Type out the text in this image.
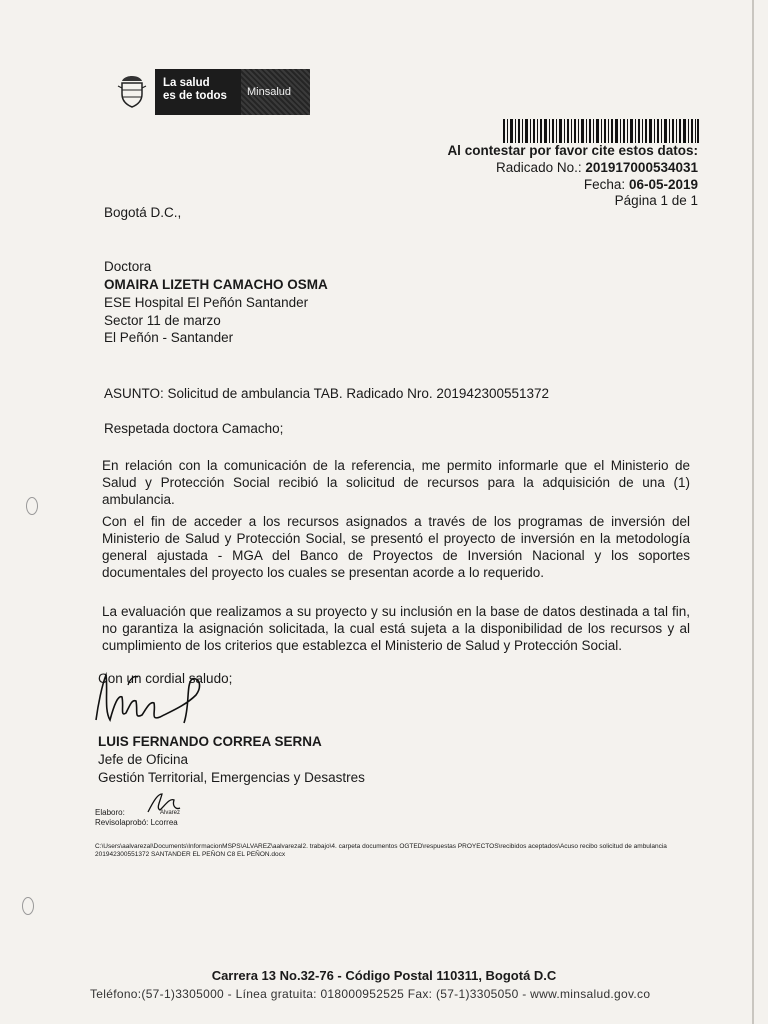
La salud
es de todos	Minsalud
Al contestar por favor cite estos datos:
Radicado No.: 201917000534031
Fecha: 06-05-2019
Página 1 de 1
Bogotá D.C.,
Doctora
OMAIRA LIZETH CAMACHO OSMA
ESE Hospital El Peñón Santander
Sector 11 de marzo
El Peñón - Santander
ASUNTO: Solicitud de ambulancia TAB. Radicado Nro. 201942300551372
Respetada doctora Camacho;
En relación con la comunicación de la referencia, me permito informarle que el Ministerio de Salud y Protección Social recibió la solicitud de recursos para la adquisición de una (1) ambulancia.
Con el fin de acceder a los recursos asignados a través de los programas de inversión del Ministerio de Salud y Protección Social, se presentó el proyecto de inversión en la metodología general ajustada - MGA del Banco de Proyectos de Inversión Nacional y los soportes documentales del proyecto los cuales se presentan acorde a lo requerido.
La evaluación que realizamos a su proyecto y su inclusión en la base de datos destinada a tal fin, no garantiza la asignación solicitada, la cual está sujeta a la disponibilidad de los recursos y al cumplimiento de los criterios que establezca el Ministerio de Salud y Protección Social.
Con un cordial saludo;
LUIS FERNANDO CORREA SERNA
Jefe de Oficina
Gestión Territorial, Emergencias y Desastres
Elaboro:	Alvarez
Revisolaprobó: Lcorrea
C:\Users\aalvarezal\Documents\InformacionMSPS\ALVAREZ\aalvarezal2. trabajo\4. carpeta documentos OGTED\respuestas PROYECTOS\recibidos aceptados\Acuso recibo solicitud de ambulancia
201942300551372 SANTANDER EL PEÑON C8 EL PEÑON.docx
Carrera 13 No.32-76 - Código Postal 110311, Bogotá D.C
Teléfono:(57-1)3305000 - Línea gratuita: 018000952525 Fax: (57-1)3305050 - www.minsalud.gov.co
